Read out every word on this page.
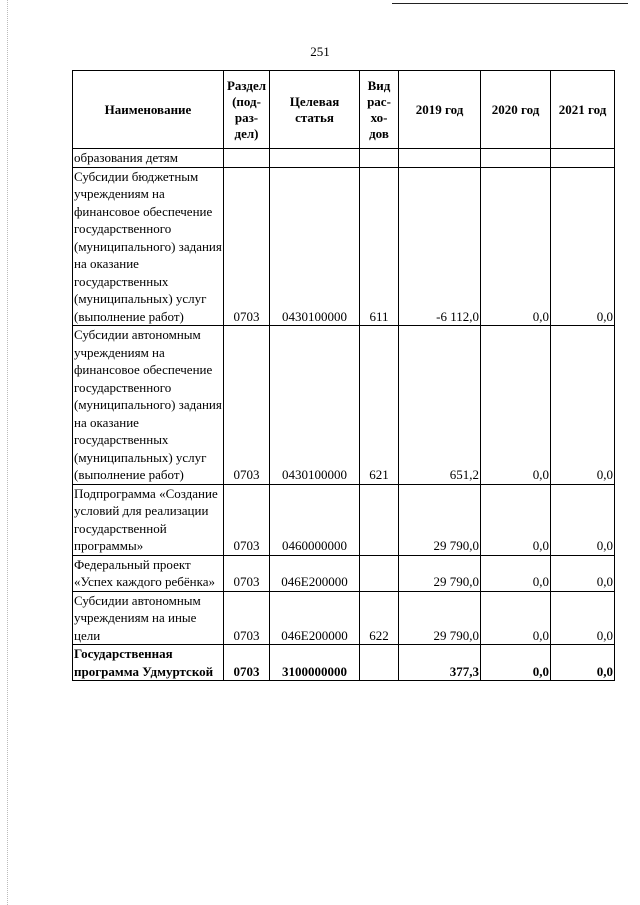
251
Наименование	Раздел (под-раз-дел)	Целевая статья	Вид рас-хо-дов	2019 год	2020 год	2021 год
образования детям						
Субсидии бюджетным учреждениям на финансовое обеспечение государственного (муниципального) задания на оказание государственных (муниципальных) услуг (выполнение работ)	0703	0430100000	611	-6 112,0	0,0	0,0
Субсидии автономным учреждениям на финансовое обеспечение государственного (муниципального) задания на оказание государственных (муниципальных) услуг (выполнение работ)	0703	0430100000	621	651,2	0,0	0,0
Подпрограмма «Создание условий для реализации государственной программы»	0703	0460000000		29 790,0	0,0	0,0
Федеральный проект «Успех каждого ребёнка»	0703	046E200000		29 790,0	0,0	0,0
Субсидии автономным учреждениям на иные цели	0703	046E200000	622	29 790,0	0,0	0,0
Государственная программа Удмуртской	0703	3100000000		377,3	0,0	0,0
